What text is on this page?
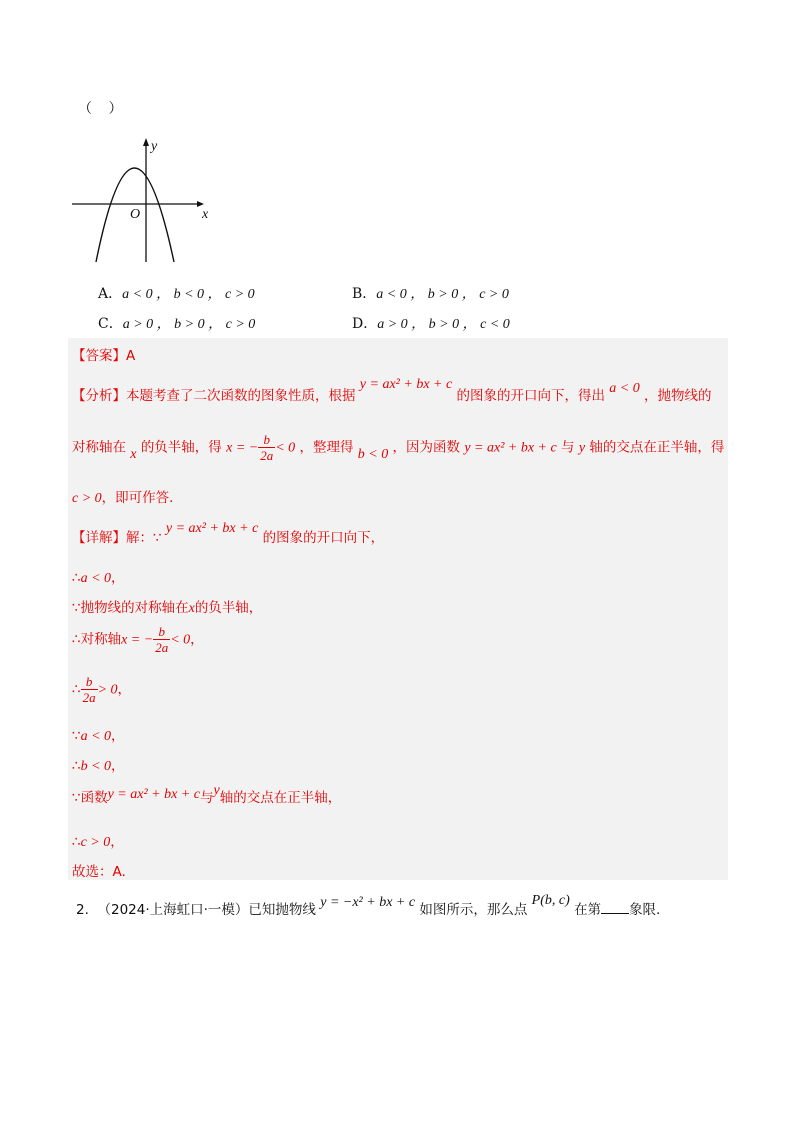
（ ）
y
x
O
A．a < 0 ， b < 0 ， c > 0	B．a < 0 ， b > 0 ， c > 0
C．a > 0 ， b > 0 ， c > 0	D．a > 0 ， b > 0 ， c < 0
【答案】A
【分析】本题考查了二次函数的图象性质，根据 y = ax² + bx + c 的图象的开口向下，得出 a < 0 ，抛物线的
对称轴在 x 的负半轴，得 x = − $\frac{b}{2a} < 0$ ，整理得 b < 0 ，因为函数 y = ax² + bx + c 与 y 轴的交点在正半轴，得
c > 0，即可作答.
【详解】解：∵ y = ax² + bx + c 的图象的开口向下，
∴a < 0，
∵抛物线的对称轴在x的负半轴，
∴对称轴x = − $\frac{b}{2a} < 0$，
∴ $\frac{b}{2a} > 0$，
∵a < 0，
∴b < 0，
∵函数y = ax² + bx + c与y轴的交点在正半轴，
∴c > 0，
故选：A.
2. （2024·上海虹口·一模）已知抛物线 y = −x² + bx + c 如图所示，那么点 P(b, c) 在第 象限.
